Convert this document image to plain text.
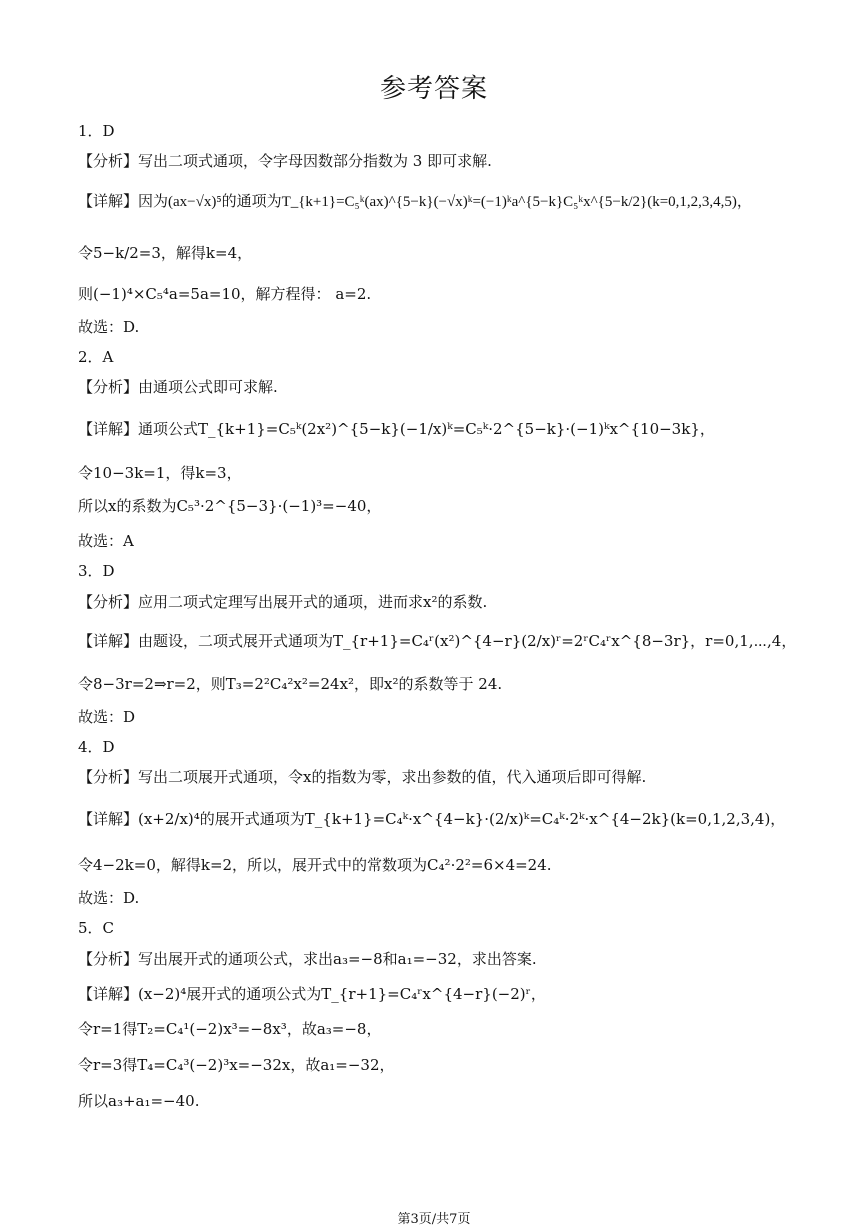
参考答案
1．D
【分析】写出二项式通项，令字母因数部分指数为 3 即可求解.
【详解】因为(ax−√x)⁵的通项为T_{k+1}=C₅ᵏ(ax)^{5−k}(−√x)ᵏ=(−1)ᵏa^{5−k}C₅ᵏx^{5−k/2}(k=0,1,2,3,4,5)，
令5−k/2=3，解得k=4，
则(−1)⁴×C₅⁴a=5a=10，解方程得： a=2.
故选：D.
2．A
【分析】由通项公式即可求解.
【详解】通项公式T_{k+1}=C₅ᵏ(2x²)^{5−k}(−1/x)ᵏ=C₅ᵏ·2^{5−k}·(−1)ᵏx^{10−3k}，
令10−3k=1，得k=3，
所以x的系数为C₅³·2^{5−3}·(−1)³=−40，
故选：A
3．D
【分析】应用二项式定理写出展开式的通项，进而求x²的系数.
【详解】由题设，二项式展开式通项为T_{r+1}=C₄ʳ(x²)^{4−r}(2/x)ʳ=2ʳC₄ʳx^{8−3r}，r=0,1,⋯,4，
令8−3r=2⇒r=2，则T₃=2²C₄²x²=24x²，即x²的系数等于 24.
故选：D
4．D
【分析】写出二项展开式通项，令x的指数为零，求出参数的值，代入通项后即可得解.
【详解】(x+2/x)⁴的展开式通项为T_{k+1}=C₄ᵏ·x^{4−k}·(2/x)ᵏ=C₄ᵏ·2ᵏ·x^{4−2k}(k=0,1,2,3,4)，
令4−2k=0，解得k=2，所以，展开式中的常数项为C₄²·2²=6×4=24.
故选：D.
5．C
【分析】写出展开式的通项公式，求出a₃=−8和a₁=−32，求出答案.
【详解】(x−2)⁴展开式的通项公式为T_{r+1}=C₄ʳx^{4−r}(−2)ʳ，
令r=1得T₂=C₄¹(−2)x³=−8x³，故a₃=−8，
令r=3得T₄=C₄³(−2)³x=−32x，故a₁=−32，
所以a₃+a₁=−40.
第3页/共7页
